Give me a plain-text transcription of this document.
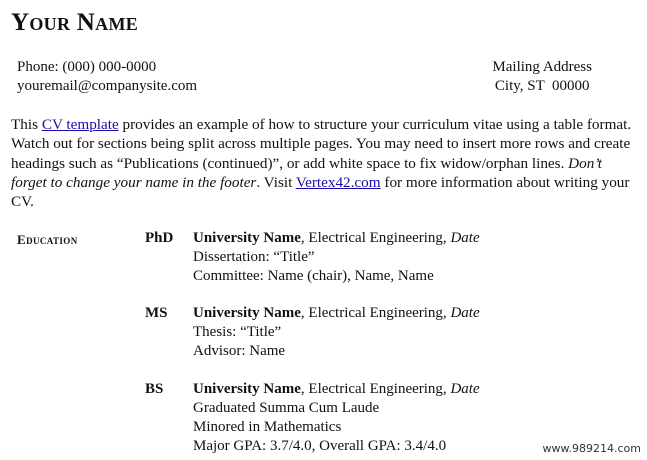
Your Name
Phone: (000) 000-0000
youremail@companysite.com
Mailing Address
City, ST  00000

This CV template provides an example of how to structure your curriculum vitae using a table format. Watch out for sections being split across multiple pages. You may need to insert more rows and create headings such as “Publications (continued)”, or add white space to fix widow/orphan lines. Don’t forget to change your name in the footer. Visit Vertex42.com for more information about writing your CV.

Education	PhD University Name, Electrical Engineering, Date
Dissertation: “Title”
Committee: Name (chair), Name, Name
MS University Name, Electrical Engineering, Date
Thesis: “Title”
Advisor: Name
BS University Name, Electrical Engineering, Date
Graduated Summa Cum Laude
Minored in Mathematics
Major GPA: 3.7/4.0, Overall GPA: 3.4/4.0	www.989214.com
